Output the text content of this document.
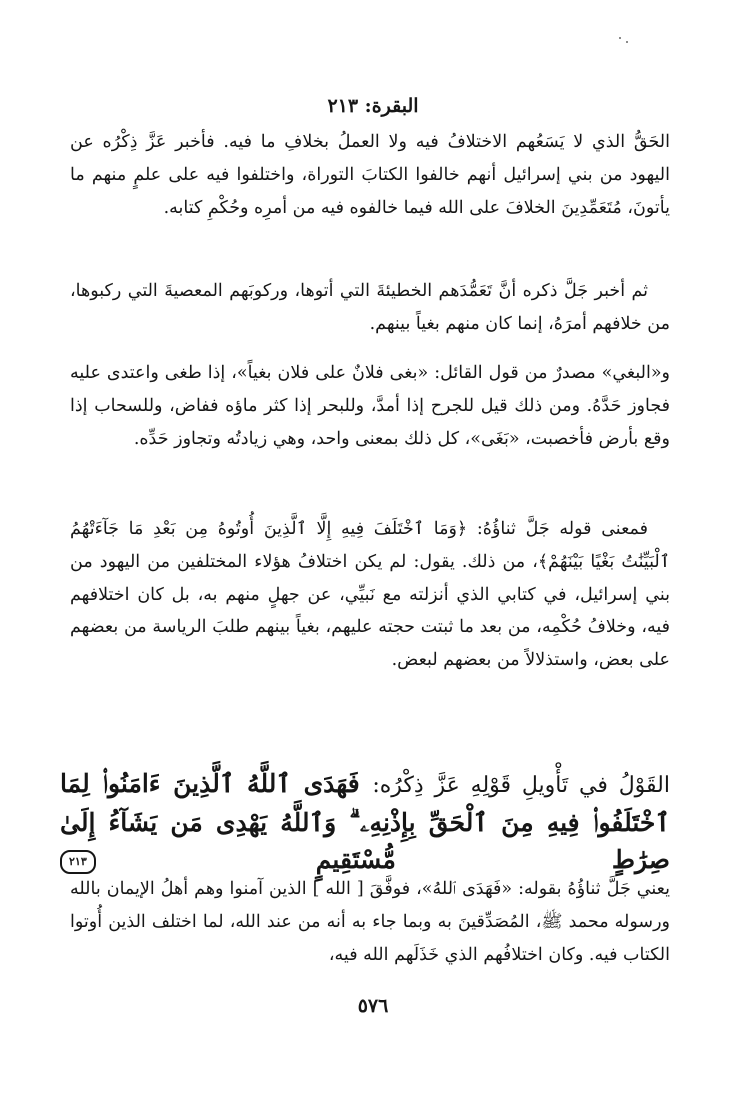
البقرة: ٢١٣

الحَقُّ الذي لا يَسَعُهم الاختلافُ فيه ولا العملُ بخلافِ ما فيه. فأخبر عَزَّ ذِكْرُه عن اليهود من بني إسرائيل أنهم خالفوا الكتابَ التوراة، واختلفوا فيه على علمٍ منهم ما يأتونَ، مُتَعَمِّدِينَ الخلافَ على الله فيما خالفوه فيه من أمرِه وحُكْمِ كتابه.

ثم أخبر جَلَّ ذكره أنَّ تَعَمُّدَهم الخطيئةَ التي أتوها، وركوبَهم المعصيةَ التي ركبوها، من خلافهم أمرَهُ، إنما كان منهم بغياً بينهم.

و«البغي» مصدرٌ من قول القائل: «بغى فلانٌ على فلان بغياً»، إذا طغى واعتدى عليه فجاوز حَدَّهُ. ومن ذلك قيل للجرح إذا أمدَّ، وللبحر إذا كثر ماؤه ففاض، وللسحاب إذا وقع بأرض فأخصبت، «بَغَى»، كل ذلك بمعنى واحد، وهي زيادتُه وتجاوز حَدِّه.

فمعنى قوله جَلَّ ثناؤُهُ: ﴿وَمَا ٱخْتَلَفَ فِيهِ إِلَّا ٱلَّذِينَ أُوتُوهُ مِن بَعْدِ مَا جَآءَتْهُمُ ٱلْبَيِّنَٰتُ بَغْيًا بَيْنَهُمْ﴾، من ذلك. يقول: لم يكن اختلافُ هؤلاء المختلفين من اليهود من بني إسرائيل، في كتابي الذي أنزلته مع نَبيِّي، عن جهلٍ منهم به، بل كان اختلافهم فيه، وخلافُ حُكْمِه، من بعد ما ثبتت حجته عليهم، بغياً بينهم طلبَ الرياسة من بعضهم على بعض، واستذلالاً من بعضهم لبعض.

القَوْلُ في تَأْويلِ قَوْلِهِ عَزَّ ذِكْرُه: فَهَدَى ٱللَّهُ ٱلَّذِينَ ءَامَنُوا۟ لِمَا ٱخْتَلَفُوا۟ فِيهِ مِنَ ٱلْحَقِّ بِإِذْنِهِۦ ۗ وَٱللَّهُ يَهْدِى مَن يَشَآءُ إِلَىٰ صِرَٰطٍ مُّسْتَقِيمٍ ٢١٣

يعني جَلَّ ثناؤُهُ بقوله: «فَهَدَى ٱللهُ»، فوفَّقَ [ الله ] الذين آمنوا وهم أهلُ الإيمان بالله ورسوله محمد ﷺ، المُصَدِّقينَ به وبما جاء به أنه من عند الله، لما اختلف الذين أُوتوا الكتاب فيه. وكان اختلافُهم الذي خَذَلَهم الله فيه،

٥٧٦
